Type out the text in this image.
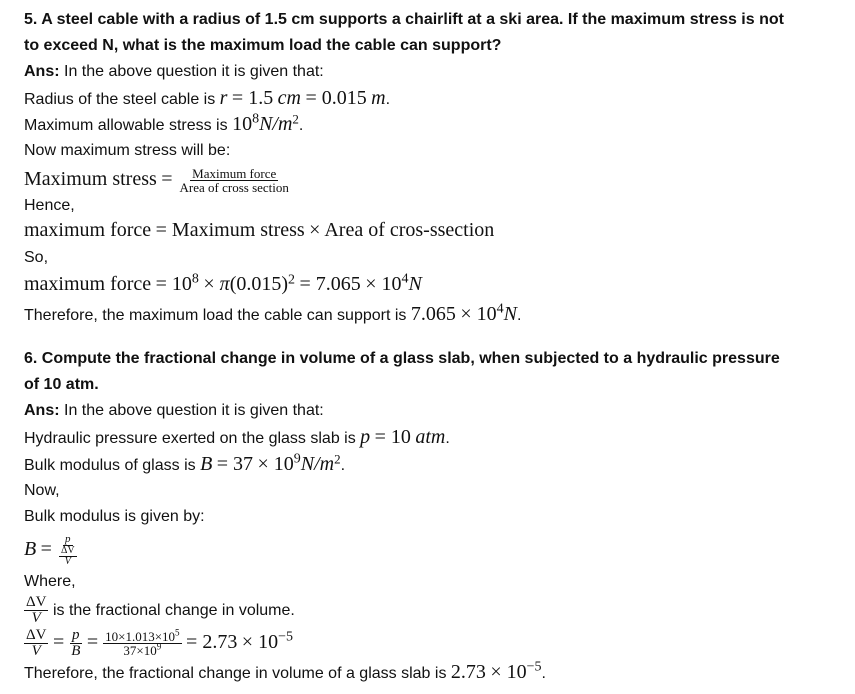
5. A steel cable with a radius of 1.5 cm supports a chairlift at a ski area. If the maximum stress is not
to exceed N, what is the maximum load the cable can support?
Ans: In the above question it is given that:
Radius of the steel cable is r = 1.5 cm = 0.015 m.
Maximum allowable stress is $10^8N/m^2$.
Now maximum stress will be:
Maximum stress = $\frac{\text{Maximum force}}{\text{Area of cross section}}$
Hence,
maximum force = Maximum stress × Area of cros-ssection
So,
maximum force = $10^8 \times \pi(0.015)^2 = 7.065 \times 10^4N$
Therefore, the maximum load the cable can support is $7.065 \times 10^4N$.
6. Compute the fractional change in volume of a glass slab, when subjected to a hydraulic pressure
of 10 atm.
Ans: In the above question it is given that:
Hydraulic pressure exerted on the glass slab is p = 10 atm.
Bulk modulus of glass is $B = 37 \times 10^9N/m^2$.
Now,
Bulk modulus is given by:
$B = \frac{p}{\frac{\Delta V}{V}}$
Where,
$\frac{\Delta V}{V}$ is the fractional change in volume.
$\frac{\Delta V}{V} = \frac{p}{B} = \frac{10\times 1.013\times 10^5}{37\times 10^9} = 2.73 \times 10^{-5}$
Therefore, the fractional change in volume of a glass slab is $2.73 \times 10^{-5}$.
